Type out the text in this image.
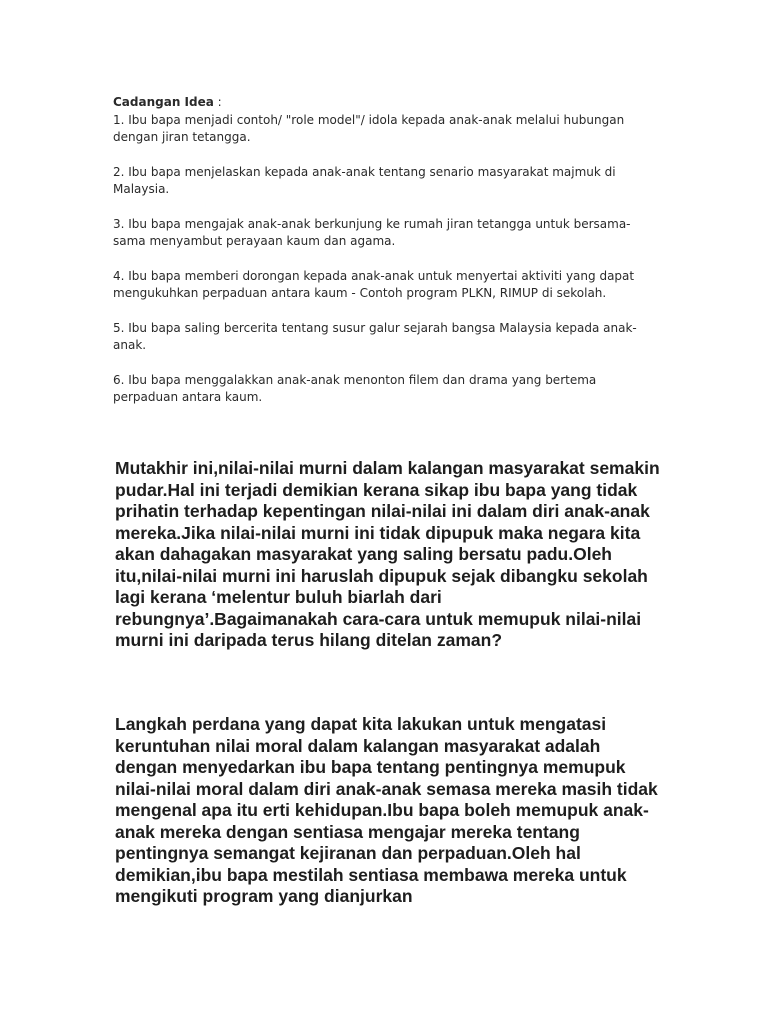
Cadangan Idea :

1. Ibu bapa menjadi contoh/ "role model"/ idola kepada anak-anak melalui hubungan dengan jiran tetangga.

2. Ibu bapa menjelaskan kepada anak-anak tentang senario masyarakat majmuk di Malaysia.

3. Ibu bapa mengajak anak-anak berkunjung ke rumah jiran tetangga untuk bersama-sama menyambut perayaan kaum dan agama.

4. Ibu bapa memberi dorongan kepada anak-anak untuk menyertai aktiviti yang dapat mengukuhkan perpaduan antara kaum - Contoh program PLKN, RIMUP di sekolah.

5. Ibu bapa saling bercerita tentang susur galur sejarah bangsa Malaysia kepada anak-anak.

6. Ibu bapa menggalakkan anak-anak menonton filem dan drama yang bertema perpaduan antara kaum.

Mutakhir ini,nilai-nilai murni dalam kalangan masyarakat semakin pudar.Hal ini terjadi demikian kerana sikap ibu bapa yang tidak prihatin terhadap kepentingan nilai-nilai ini dalam diri anak-anak mereka.Jika nilai-nilai murni ini tidak dipupuk maka negara kita akan dahagakan masyarakat yang saling bersatu padu.Oleh itu,nilai-nilai murni ini haruslah dipupuk sejak dibangku sekolah lagi kerana ‘melentur buluh biarlah dari rebungnya’.Bagaimanakah cara-cara untuk memupuk nilai-nilai murni ini daripada terus hilang ditelan zaman?

Langkah perdana yang dapat kita lakukan untuk mengatasi keruntuhan nilai moral dalam kalangan masyarakat adalah dengan menyedarkan ibu bapa tentang pentingnya memupuk nilai-nilai moral dalam diri anak-anak semasa mereka masih tidak mengenal apa itu erti kehidupan.Ibu bapa boleh memupuk anak-anak mereka dengan sentiasa mengajar mereka tentang pentingnya semangat kejiranan dan perpaduan.Oleh hal demikian,ibu bapa mestilah sentiasa membawa mereka untuk mengikuti program yang dianjurkan
